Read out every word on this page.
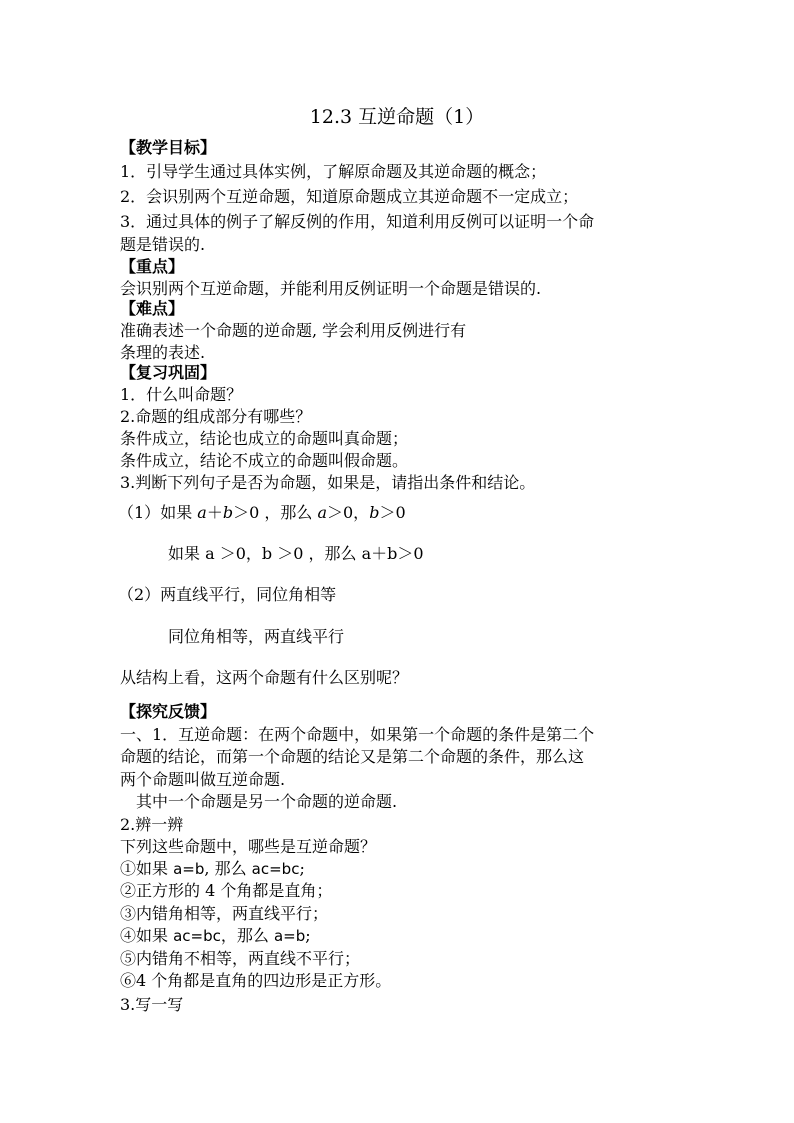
12.3 互逆命题（1）
【教学目标】
1．引导学生通过具体实例，了解原命题及其逆命题的概念；
2．会识别两个互逆命题，知道原命题成立其逆命题不一定成立；
3．通过具体的例子了解反例的作用，知道利用反例可以证明一个命
题是错误的.
【重点】
会识别两个互逆命题，并能利用反例证明一个命题是错误的.
【难点】
准确表述一个命题的逆命题, 学会利用反例进行有
条理的表述.
【复习巩固】
1．什么叫命题？
2.命题的组成部分有哪些？
条件成立，结论也成立的命题叫真命题；
条件成立，结论不成立的命题叫假命题。
3.判断下列句子是否为命题，如果是，请指出条件和结论。
（1）如果 a＋b＞0 ，那么 a＞0，b＞0
如果 a ＞0，b ＞0 ，那么 a＋b＞0
（2）两直线平行，同位角相等
同位角相等，两直线平行
从结构上看，这两个命题有什么区别呢？
【探究反馈】
一、1．互逆命题：在两个命题中，如果第一个命题的条件是第二个
命题的结论，而第一个命题的结论又是第二个命题的条件，那么这
两个命题叫做互逆命题.
　其中一个命题是另一个命题的逆命题.
2.辨一辨
下列这些命题中，哪些是互逆命题？
①如果 a=b, 那么 ac=bc;
②正方形的 4 个角都是直角；
③内错角相等，两直线平行；
④如果 ac=bc，那么 a=b;
⑤内错角不相等，两直线不平行；
⑥4 个角都是直角的四边形是正方形。
3.写一写
